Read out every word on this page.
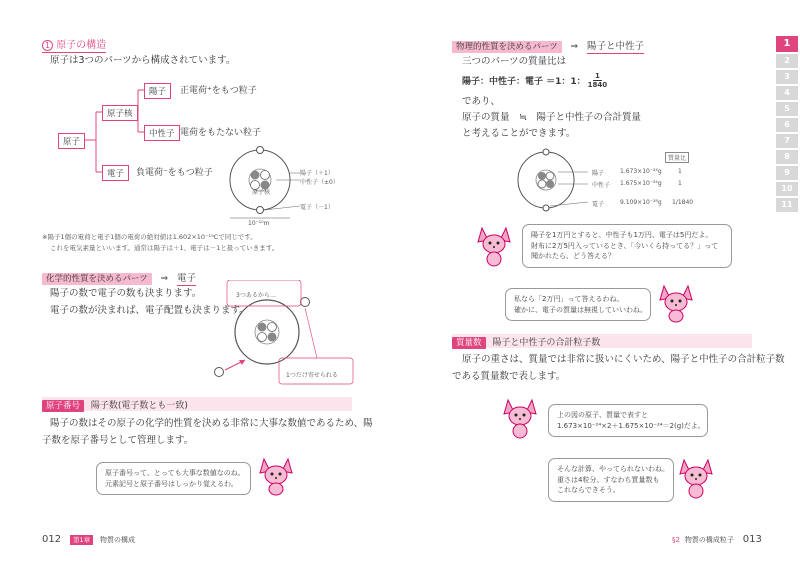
1 原子の構造
原子は3つのパーツから構成されています。
原子
原子核
陽子	正電荷⁺をもつ粒子
中性子 電荷をもたない粒子
電子	負電荷⁻をもつ粒子	陽子（＋1）
中性子（±0）
原子核
電子（－1）
10⁻¹⁰m
※陽子1個の電荷と電子1個の電荷の絶対値は1.602×10⁻¹⁹Cで同じです。
これを電気素量といいます。通常は陽子は＋1、電子は－1と扱っていきます。
化学的性質を決めるパーツ ⇒ 電子
陽子の数で電子の数も決まります。
電子の数が決まれば、電子配置も決まります。
3つあるから…
1つだけ寄せられる
原子番号 陽子数(電子数とも一致)
陽子の数はその原子の化学的性質を決める非常に大事な数値であるため、陽
子数を原子番号として管理します。
原子番号って、とっても大事な数値なのね。
元素記号と原子番号はしっかり覚えるわ。
012 第1章 物質の構成
物理的性質を決めるパーツ ⇒ 陽子と中性子
三つのパーツの質量比は
陽子：中性子：電子 ＝1：1： $\frac{1}{1840}$
であり、
原子の質量　≒　陽子と中性子の合計質量
と考えることができます。
質量比
陽子	1.673×10⁻²⁴g	1
中性子 1.675×10⁻²⁴g	1
電子	9.109×10⁻²⁸g 1/1840
陽子を1万円とすると、中性子も1万円、電子は5円だよ。
財布に2万5円入っているとき、「今いくら持ってる？」って
聞かれたら、どう答える？
私なら「2万円」って答えるわね。
確かに、電子の質量は無視していいわね。
質量数 陽子と中性子の合計粒子数
原子の重さは、質量では非常に扱いにくいため、陽子と中性子の合計粒子数
である質量数で表します。
上の図の原子、質量で表すと
1.673×10⁻²⁴×2＋1.675×10⁻²⁴＝2(g)だよ。
そんな計算、やってられないわね。
重さは4粒分、すなわち質量数も
これならできそう。
§2 物質の構成粒子 013
1
2
3
4
5
6
7
8
9
10
11
